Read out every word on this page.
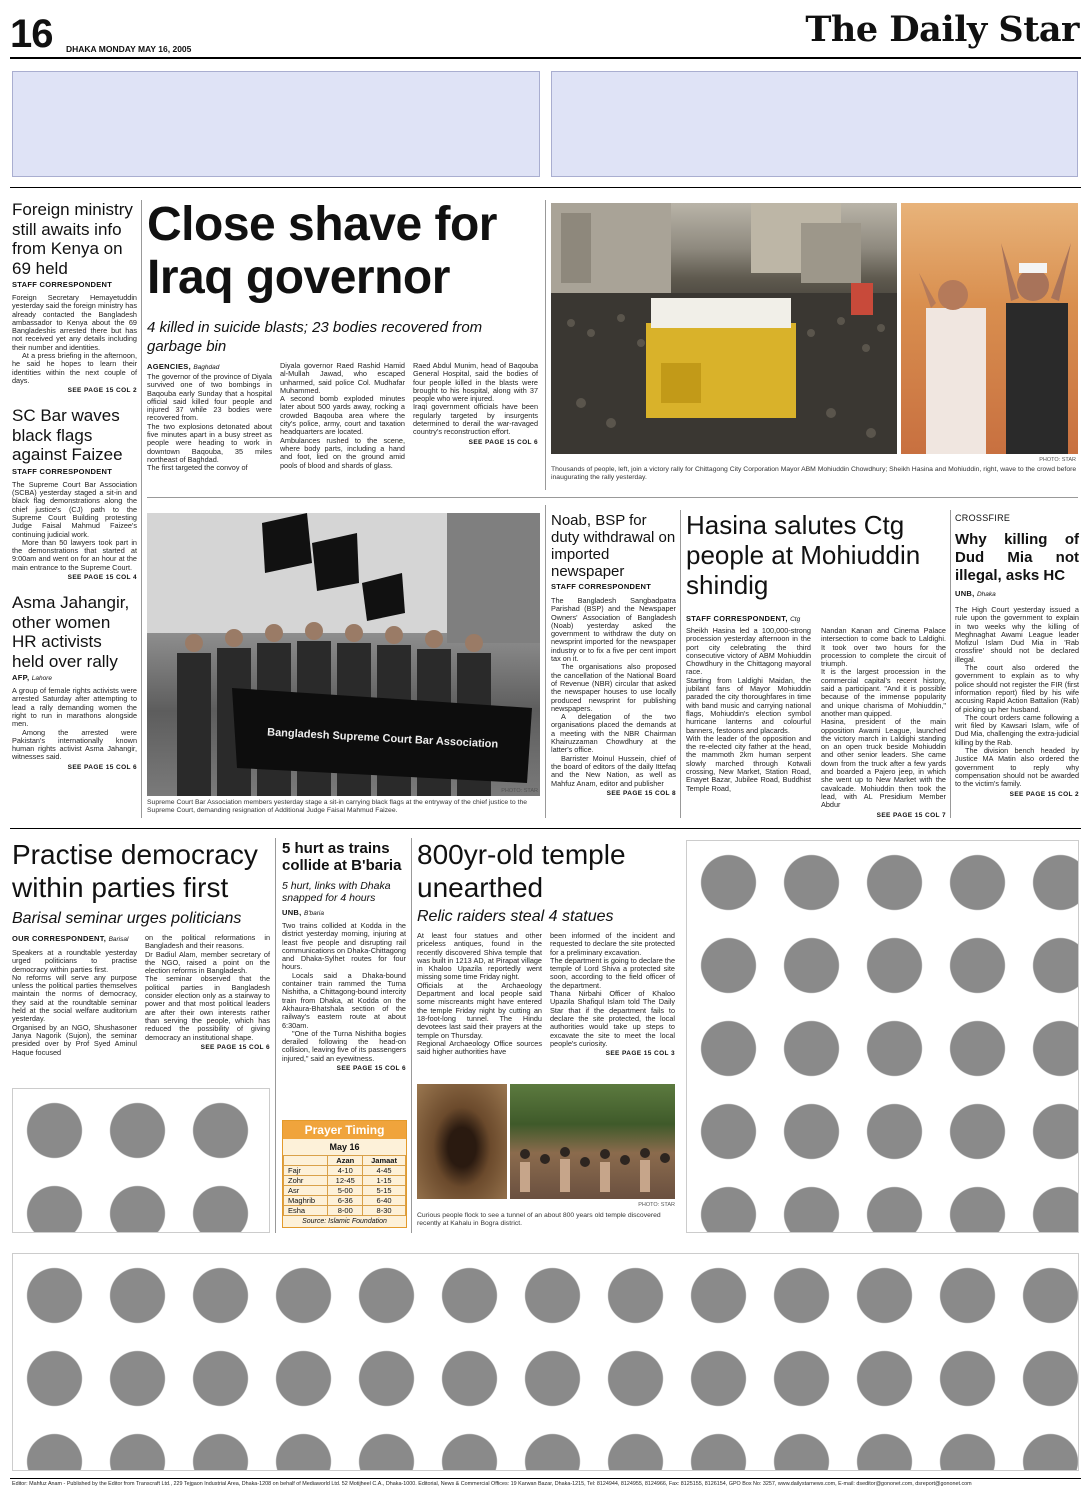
16 DHAKA MONDAY MAY 16, 2005	The Daily Star
Foreign ministry still awaits info from Kenya on 69 held
STAFF CORRESPONDENT

Foreign Secretary Hemayetuddin yesterday said the foreign ministry has already contacted the Bangladesh ambassador to Kenya about the 69 Bangladeshis arrested there but has not received yet any details including their number and identities.

At a press briefing in the afternoon, he said he hopes to learn their identities within the next couple of days.

SEE PAGE 15 COL 2
SC Bar waves black flags against Faizee
STAFF CORRESPONDENT

The Supreme Court Bar Association (SCBA) yesterday staged a sit-in and black flag demonstrations along the chief justice's (CJ) path to the Supreme Court Building protesting Judge Faisal Mahmud Faizee's continuing judicial work.

More than 50 lawyers took part in the demonstrations that started at 9:00am and went on for an hour at the main entrance to the Supreme Court.

SEE PAGE 15 COL 4
Asma Jahangir, other women HR activists held over rally
AFP, Lahore

A group of female rights activists were arrested Saturday after attempting to lead a rally demanding women the right to run in marathons alongside men.

Among the arrested were Pakistan's internationally known human rights activist Asma Jahangir, witnesses said.

SEE PAGE 15 COL 6
Close shave for Iraq governor
4 killed in suicide blasts; 23 bodies recovered from garbage bin
AGENCIES, Baghdad
The governor of the province of Diyala survived one of two bombings in Baqouba early Sunday that a hospital official said killed four people and injured 37 while 23 bodies were recovered from.
The two explosions detonated about five minutes apart in a busy street as people were heading to work in downtown Baqouba, 35 miles northeast of Baghdad.
The first targeted the convoy of
Diyala governor Raed Rashid Hamid al-Mullah Jawad, who escaped unharmed, said police Col. Mudhafar Muhammed.
A second bomb exploded minutes later about 500 yards away, rocking a crowded Baqouba area where the city's police, army, court and taxation headquarters are located.
Ambulances rushed to the scene, where body parts, including a hand and foot, lied on the ground amid pools of blood and shards of glass.
Raed Abdul Munim, head of Baqouba General Hospital, said the bodies of four people killed in the blasts were brought to his hospital, along with 37 people who were injured.
Iraqi government officials have been regularly targeted by insurgents determined to derail the war-ravaged country's reconstruction effort.
SEE PAGE 15 COL 6
PHOTO: STAR
Thousands of people, left, join a victory rally for Chittagong City Corporation Mayor ABM Mohiuddin Chowdhury; Sheikh Hasina and Mohiuddin, right, wave to the crowd before inaugurating the rally yesterday.
Bangladesh Supreme Court Bar Association
PHOTO: STAR
Supreme Court Bar Association members yesterday stage a sit-in carrying black flags at the entryway of the chief justice to the Supreme Court, demanding resignation of Additional Judge Faisal Mahmud Faizee.
Noab, BSP for duty withdrawal on imported newspaper
STAFF CORRESPONDENT

The Bangladesh Sangbadpatra Parishad (BSP) and the Newspaper Owners' Association of Bangladesh (Noab) yesterday asked the government to withdraw the duty on newsprint imported for the newspaper industry or to fix a five per cent import tax on it.

The organisations also proposed the cancellation of the National Board of Revenue (NBR) circular that asked the newspaper houses to use locally produced newsprint for publishing newspapers.

A delegation of the two organisations placed the demands at a meeting with the NBR Chairman Khairuzzaman Chowdhury at the latter's office.

Barrister Moinul Hussein, chief of the board of editors of the daily Ittefaq and the New Nation, as well as Mahfuz Anam, editor and publisher

SEE PAGE 15 COL 8
Hasina salutes Ctg people at Mohiuddin shindig
STAFF CORRESPONDENT, Ctg
Sheikh Hasina led a 100,000-strong procession yesterday afternoon in the port city celebrating the third consecutive victory of ABM Mohiuddin Chowdhury in the Chittagong mayoral race.
Starting from Laldighi Maidan, the jubilant fans of Mayor Mohiuddin paraded the city thoroughfares in time with band music and carrying national flags, Mohiuddin's election symbol hurricane lanterns and colourful banners, festoons and placards.
With the leader of the opposition and the re-elected city father at the head, the mammoth 2km human serpent slowly marched through Kotwali crossing, New Market, Station Road, Enayet Bazar, Jubilee Road, Buddhist Temple Road,
Nandan Kanan and Cinema Palace intersection to come back to Laldighi. It took over two hours for the procession to complete the circuit of triumph.
It is the largest procession in the commercial capital's recent history, said a participant. "And it is possible because of the immense popularity and unique charisma of Mohiuddin," another man quipped.
Hasina, president of the main opposition Awami League, launched the victory march in Laldighi standing on an open truck beside Mohiuddin and other senior leaders. She came down from the truck after a few yards and boarded a Pajero jeep, in which she went up to New Market with the cavalcade. Mohiuddin then took the lead, with AL Presidium Member Abdur
SEE PAGE 15 COL 7
CROSSFIRE
Why killing of Dud Mia not illegal, asks HC
UNB, Dhaka

The High Court yesterday issued a rule upon the government to explain in two weeks why the killing of Meghnaghat Awami League leader Mofizul Islam Dud Mia in 'Rab crossfire' should not be declared illegal.

The court also ordered the government to explain as to why police should not register the FIR (first information report) filed by his wife accusing Rapid Action Battalion (Rab) of picking up her husband.

The court orders came following a writ filed by Kawsari Islam, wife of Dud Mia, challenging the extra-judicial killing by the Rab.

The division bench headed by Justice MA Matin also ordered the government to reply why compensation should not be awarded to the victim's family.

SEE PAGE 15 COL 2
Practise democracy within parties first
Barisal seminar urges politicians
OUR CORRESPONDENT, Barisal
Speakers at a roundtable yesterday urged politicians to practise democracy within parties first.
No reforms will serve any purpose unless the political parties themselves maintain the norms of democracy, they said at the roundtable seminar held at the social welfare auditorium yesterday.
Organised by an NGO, Shushasoner Janya Nagorik (Sujon), the seminar presided over by Prof Syed Aminul Haque focused
on the political reformations in Bangladesh and their reasons.
Dr Badiul Alam, member secretary of the NGO, raised a point on the election reforms in Bangladesh.
The seminar observed that the political parties in Bangladesh consider election only as a stairway to power and that most political leaders are after their own interests rather than serving the people, which has reduced the possibility of giving democracy an institutional shape.
SEE PAGE 15 COL 6
5 hurt as trains collide at B'baria
5 hurt, links with Dhaka snapped for 4 hours
UNB, B'baria

Two trains collided at Kodda in the district yesterday morning, injuring at least five people and disrupting rail communications on Dhaka-Chittagong and Dhaka-Sylhet routes for four hours.

Locals said a Dhaka-bound container train rammed the Turna Nishitha, a Chittagong-bound intercity train from Dhaka, at Kodda on the Akhaura-Bhatshala section of the railway's eastern route at about 6:30am.

"One of the Turna Nishitha bogies derailed following the head-on collision, leaving five of its passengers injured," said an eyewitness.

SEE PAGE 15 COL 6
Prayer Timing
May 16
	Azan	Jamaat
Fajr	4-10	4-45
Zohr	12-45	1-15
Asr	5-00	5-15
Maghrib	6-36	6-40
Esha	8-00	8-30
Source: Islamic Foundation
800yr-old temple unearthed
Relic raiders steal 4 statues
At least four statues and other priceless antiques, found in the recently discovered Shiva temple that was built in 1213 AD, at Pirapat village in Khaloo Upazila reportedly went missing some time Friday night.
Officials at the Archaeology Department and local people said some miscreants might have entered the temple Friday night by cutting an 18-foot-long tunnel. The Hindu devotees last said their prayers at the temple on Thursday.
Regional Archaeology Office sources said higher authorities have
been informed of the incident and requested to declare the site protected for a preliminary excavation.
The department is going to declare the temple of Lord Shiva a protected site soon, according to the field officer of the department.
Thana Nirbahi Officer of Khaloo Upazila Shafiqul Islam told The Daily Star that if the department fails to declare the site protected, the local authorities would take up steps to excavate the site to meet the local people's curiosity.
SEE PAGE 15 COL 3
PHOTO: STAR
Curious people flock to see a tunnel of an about 800 years old temple discovered recently at Kahalu in Bogra district.
Editor: Mahfuz Anam - Published by the Editor from Transcraft Ltd., 229 Tejgaon Industrial Area, Dhaka-1208 on behalf of Mediaworld Ltd. 52 Motijheel C.A., Dhaka-1000. Editorial, News & Commercial Offices: 19 Karwan Bazar, Dhaka-1215, Tel: 8124944, 8124955, 8124966, Fax: 8125155, 8126154, GPO Box No: 3257, www.dailystarnews.com, E-mail: dseditor@gononet.com, dsreport@gononet.com
